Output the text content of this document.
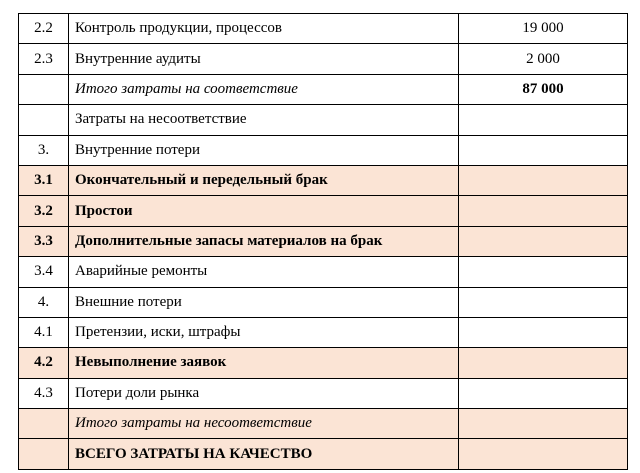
2.2	Контроль продукции, процессов	19 000
2.3	Внутренние аудиты	2 000
	Итого затраты на соответствие	87 000
	Затраты на несоответствие	
3.	Внутренние потери	
3.1	Окончательный и передельный брак	
3.2	Простои	
3.3	Дополнительные запасы материалов на брак	
3.4	Аварийные ремонты	
4.	Внешние потери	
4.1	Претензии, иски, штрафы	
4.2	Невыполнение заявок	
4.3	Потери доли рынка	
	Итого затраты на несоответствие	
	ВСЕГО ЗАТРАТЫ НА КАЧЕСТВО	
